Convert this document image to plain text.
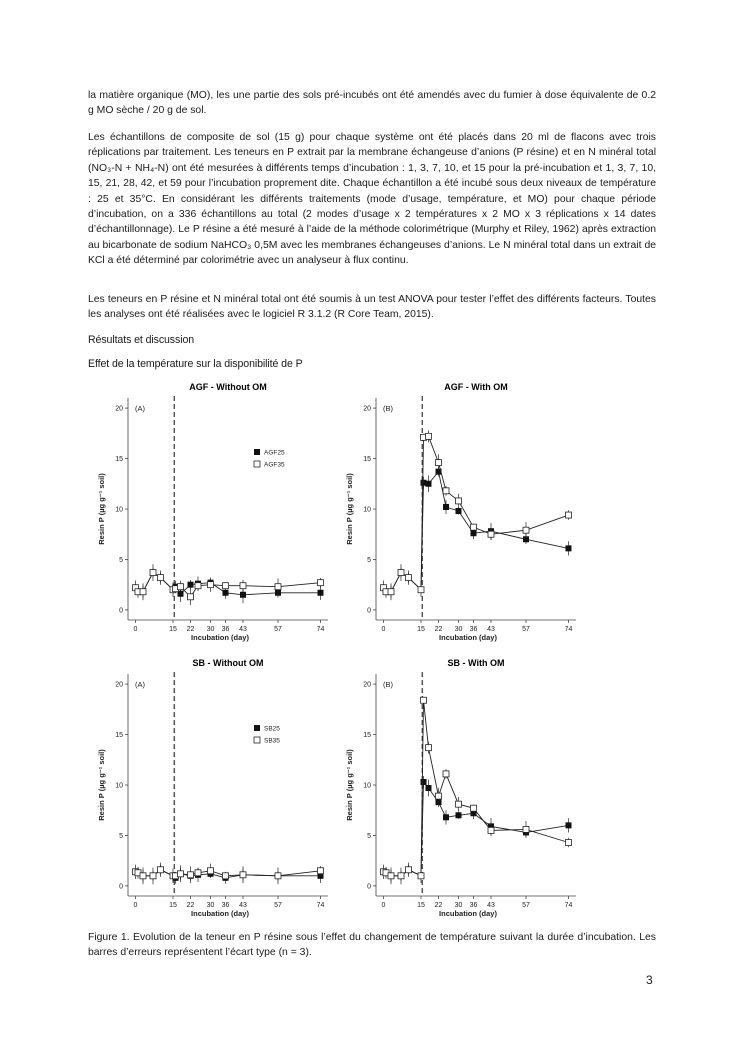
la matière organique (MO), les une partie des sols pré-incubés ont été amendés avec du fumier à dose équivalente de 0.2 g MO sèche / 20 g de sol.

Les échantillons de composite de sol (15 g) pour chaque système ont été placés dans 20 ml de flacons avec trois réplications par traitement. Les teneurs en P extrait par la membrane échangeuse d’anions (P résine) et en N minéral total (NO₃-N + NH₄-N) ont été mesurées à différents temps d’incubation : 1, 3, 7, 10, et 15 pour la pré-incubation et 1, 3, 7, 10, 15, 21, 28, 42, et 59 pour l’incubation proprement dite. Chaque échantillon a été incubé sous deux niveaux de température : 25 et 35°C. En considérant les différents traitements (mode d’usage, température, et MO) pour chaque période d’incubation, on a 336 échantillons au total (2 modes d’usage x 2 températures x 2 MO x 3 réplications x 14 dates d’échantillonnage). Le P résine a été mesuré à l’aide de la méthode colorimétrique (Murphy et Riley, 1962) après extraction au bicarbonate de sodium NaHCO₃ 0,5M avec les membranes échangeuses d’anions. Le N minéral total dans un extrait de KCl a été déterminé par colorimétrie avec un analyseur à flux continu.

Les teneurs en P résine et N minéral total ont été soumis à un test ANOVA pour tester l’effet des différents facteurs. Toutes les analyses ont été réalisées avec le logiciel R 3.1.2 (R Core Team, 2015).

Résultats et discussion
Effet de la température sur la disponibilité de P
AGF - Without OM
(A)
0
5
10
15
20
0	15 22 30 36 43	57	74
Incubation (day)
Resin P (µg g⁻¹ soil)
AGF25
AGF35
AGF - With OM
(B)
0
5
10
15
20
0	15 22 30 36 43	57	74
Incubation (day)
Resin P (µg g⁻¹ soil)
SB - Without OM
(A)
0
5
10
15
20
0	15 22 30 36 43	57	74
Incubation (day)
Resin P (µg g⁻¹ soil)
SB25
SB35
SB - With OM
(B)
0
5
10
15
20
0	15 22 30 36 43	57	74
Incubation (day)
Resin P (µg g⁻¹ soil)

Figure 1. Evolution de la teneur en P résine sous l’effet du changement de température suivant la durée d’incubation. Les barres d’erreurs représentent l’écart type (n = 3).

3
